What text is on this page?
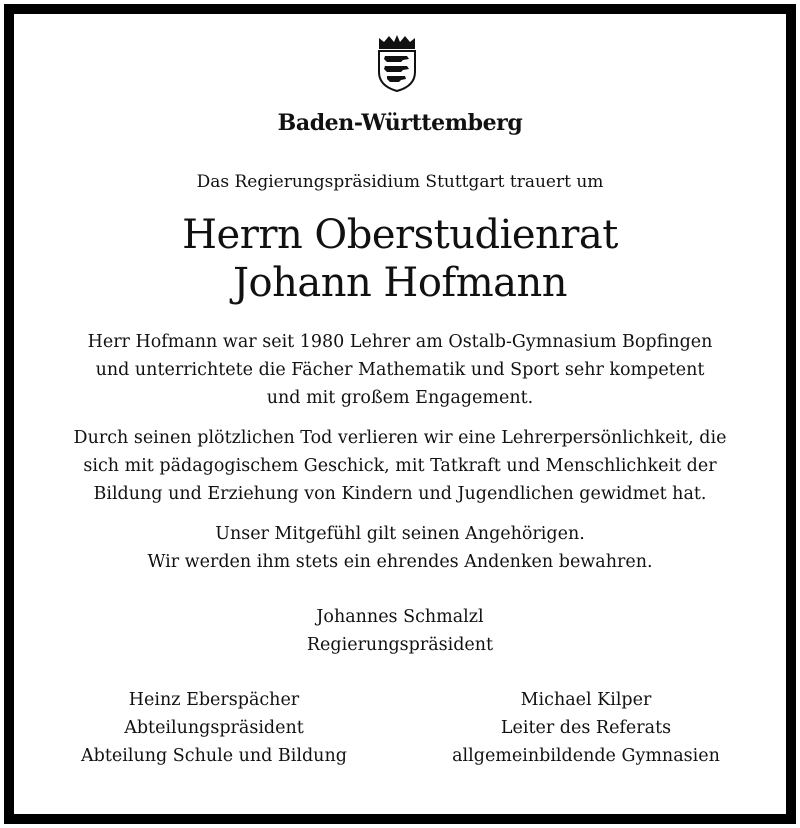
Baden-Württemberg
Das Regierungspräsidium Stuttgart trauert um
Herrn Oberstudienrat
Johann Hofmann
Herr Hofmann war seit 1980 Lehrer am Ostalb-Gymnasium Bopfingen
und unterrichtete die Fächer Mathematik und Sport sehr kompetent
und mit großem Engagement.
Durch seinen plötzlichen Tod verlieren wir eine Lehrerpersönlichkeit, die
sich mit pädagogischem Geschick, mit Tatkraft und Menschlichkeit der
Bildung und Erziehung von Kindern und Jugendlichen gewidmet hat.
Unser Mitgefühl gilt seinen Angehörigen.
Wir werden ihm stets ein ehrendes Andenken bewahren.
Johannes Schmalzl
Regierungspräsident
Heinz Eberspächer
Abteilungspräsident
Abteilung Schule und Bildung
Michael Kilper
Leiter des Referats
allgemeinbildende Gymnasien
